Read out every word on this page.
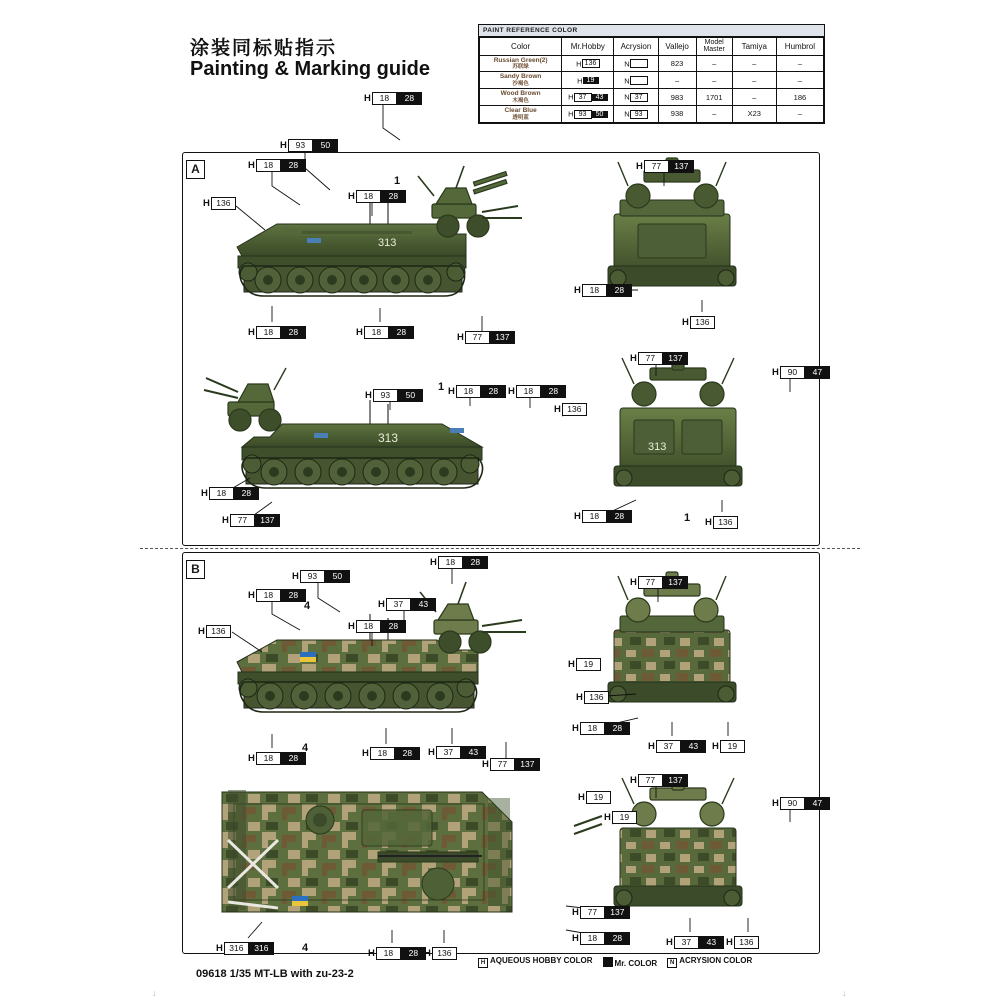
涂装同标贴指示
Painting & Marking guide
PAINT REFERENCE COLOR
Color	Mr.Hobby	Acrysion	Vallejo	Model Master	Tamiya	Humbrol
Russian Green(2)
苏联绿	H 136	N	823	–	–	–
Sandy Brown
沙褐色	H 19	N	–	–	–	–
Wood Brown
木褐色	H 37 43	N 37	983	1701	–	186
Clear Blue
透明蓝	H 93 50	N 93	938	–	X23	–
A
B
313
313
313
H	18	28
H	93	50
H	18	28
H 136
H	18	28
H	77	137
H	18	28
H 136
H	18	28	H	18	28	H	77	137
H	77	137
H	93	50	H	18	28	H	18	28
H 136
H	90	47
H	18	28
H	77	137	H	18	28
H 136
H	93	50
H	18	28
H	18	28
H	37	43
H 136	H	18	28
H	77	137
H	19
H 136
H	18	28
H	37	43	H	19
H	18	28	H	18	28	H	37	43
H	77	137
H	77	137
H	19
H	19
H	90	47
H	77	137
H	18	28
H 316	316	H	18	28 H 136
H	37	43	H 136
1
1
1
4
4
4
09618 1/35 MT-LB with zu-23-2
H AQUEOUS HOBBY COLOR	Mr. COLOR	N ACRYSION COLOR
↓	↓
